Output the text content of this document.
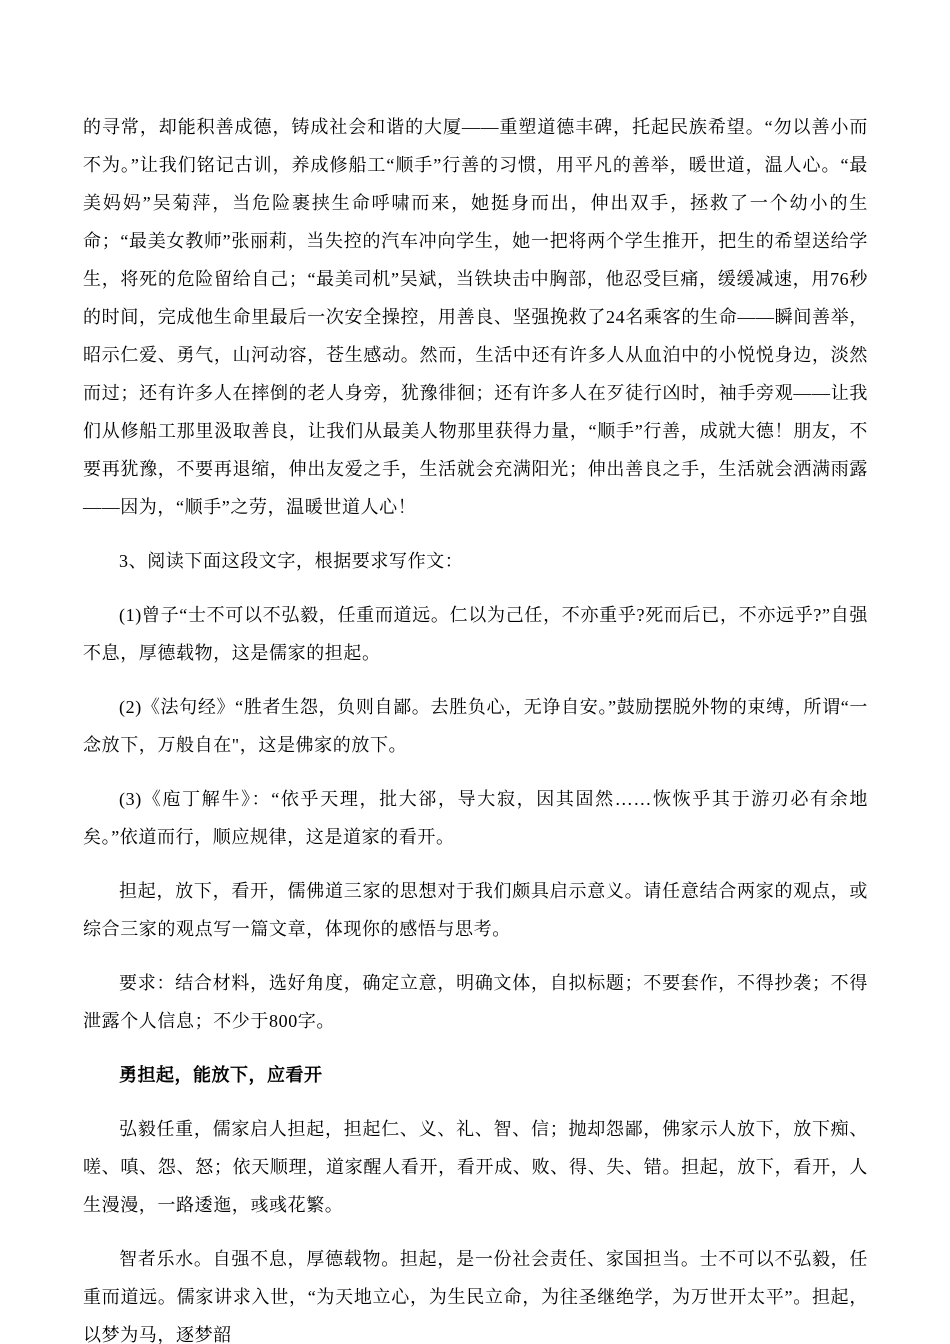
的寻常，却能积善成德，铸成社会和谐的大厦——重塑道德丰碑，托起民族希望。“勿以善小而不为。”让我们铭记古训，养成修船工“顺手”行善的习惯，用平凡的善举，暖世道，温人心。“最美妈妈”吴菊萍，当危险裹挟生命呼啸而来，她挺身而出，伸出双手，拯救了一个幼小的生命；“最美女教师”张丽莉，当失控的汽车冲向学生，她一把将两个学生推开，把生的希望送给学生，将死的危险留给自己；“最美司机”吴斌，当铁块击中胸部，他忍受巨痛，缓缓减速，用76秒的时间，完成他生命里最后一次安全操控，用善良、坚强挽救了24名乘客的生命——瞬间善举，昭示仁爱、勇气，山河动容，苍生感动。然而，生活中还有许多人从血泊中的小悦悦身边，淡然而过；还有许多人在摔倒的老人身旁，犹豫徘徊；还有许多人在歹徒行凶时，袖手旁观——让我们从修船工那里汲取善良，让我们从最美人物那里获得力量，“顺手”行善，成就大德！朋友，不要再犹豫，不要再退缩，伸出友爱之手，生活就会充满阳光；伸出善良之手，生活就会洒满雨露——因为，“顺手”之劳，温暖世道人心！

3、阅读下面这段文字，根据要求写作文：

(1)曾子“士不可以不弘毅，任重而道远。仁以为己任，不亦重乎?死而后已，不亦远乎?”自强不息，厚德载物，这是儒家的担起。

(2)《法句经》“胜者生怨，负则自鄙。去胜负心，无诤自安。”鼓励摆脱外物的束缚，所谓“一念放下，万般自在"，这是佛家的放下。

(3)《庖丁解牛》：“依乎天理，批大郤，导大寂，因其固然……恢恢乎其于游刃必有余地矣。”依道而行，顺应规律，这是道家的看开。

担起，放下，看开，儒佛道三家的思想对于我们颇具启示意义。请任意结合两家的观点，或综合三家的观点写一篇文章，体现你的感悟与思考。

要求：结合材料，选好角度，确定立意，明确文体，自拟标题；不要套作，不得抄袭；不得泄露个人信息；不少于800字。

勇担起，能放下，应看开

弘毅任重，儒家启人担起，担起仁、义、礼、智、信；抛却怨鄙，佛家示人放下，放下痴、嗟、嗔、怨、怒；依天顺理，道家醒人看开，看开成、败、得、失、错。担起，放下，看开，人生漫漫，一路逶迤，彧彧花繁。

智者乐水。自强不息，厚德载物。担起，是一份社会责任、家国担当。士不可以不弘毅，任重而道远。儒家讲求入世，“为天地立心，为生民立命，为往圣继绝学，为万世开太平”。担起，以梦为马，逐梦韶
